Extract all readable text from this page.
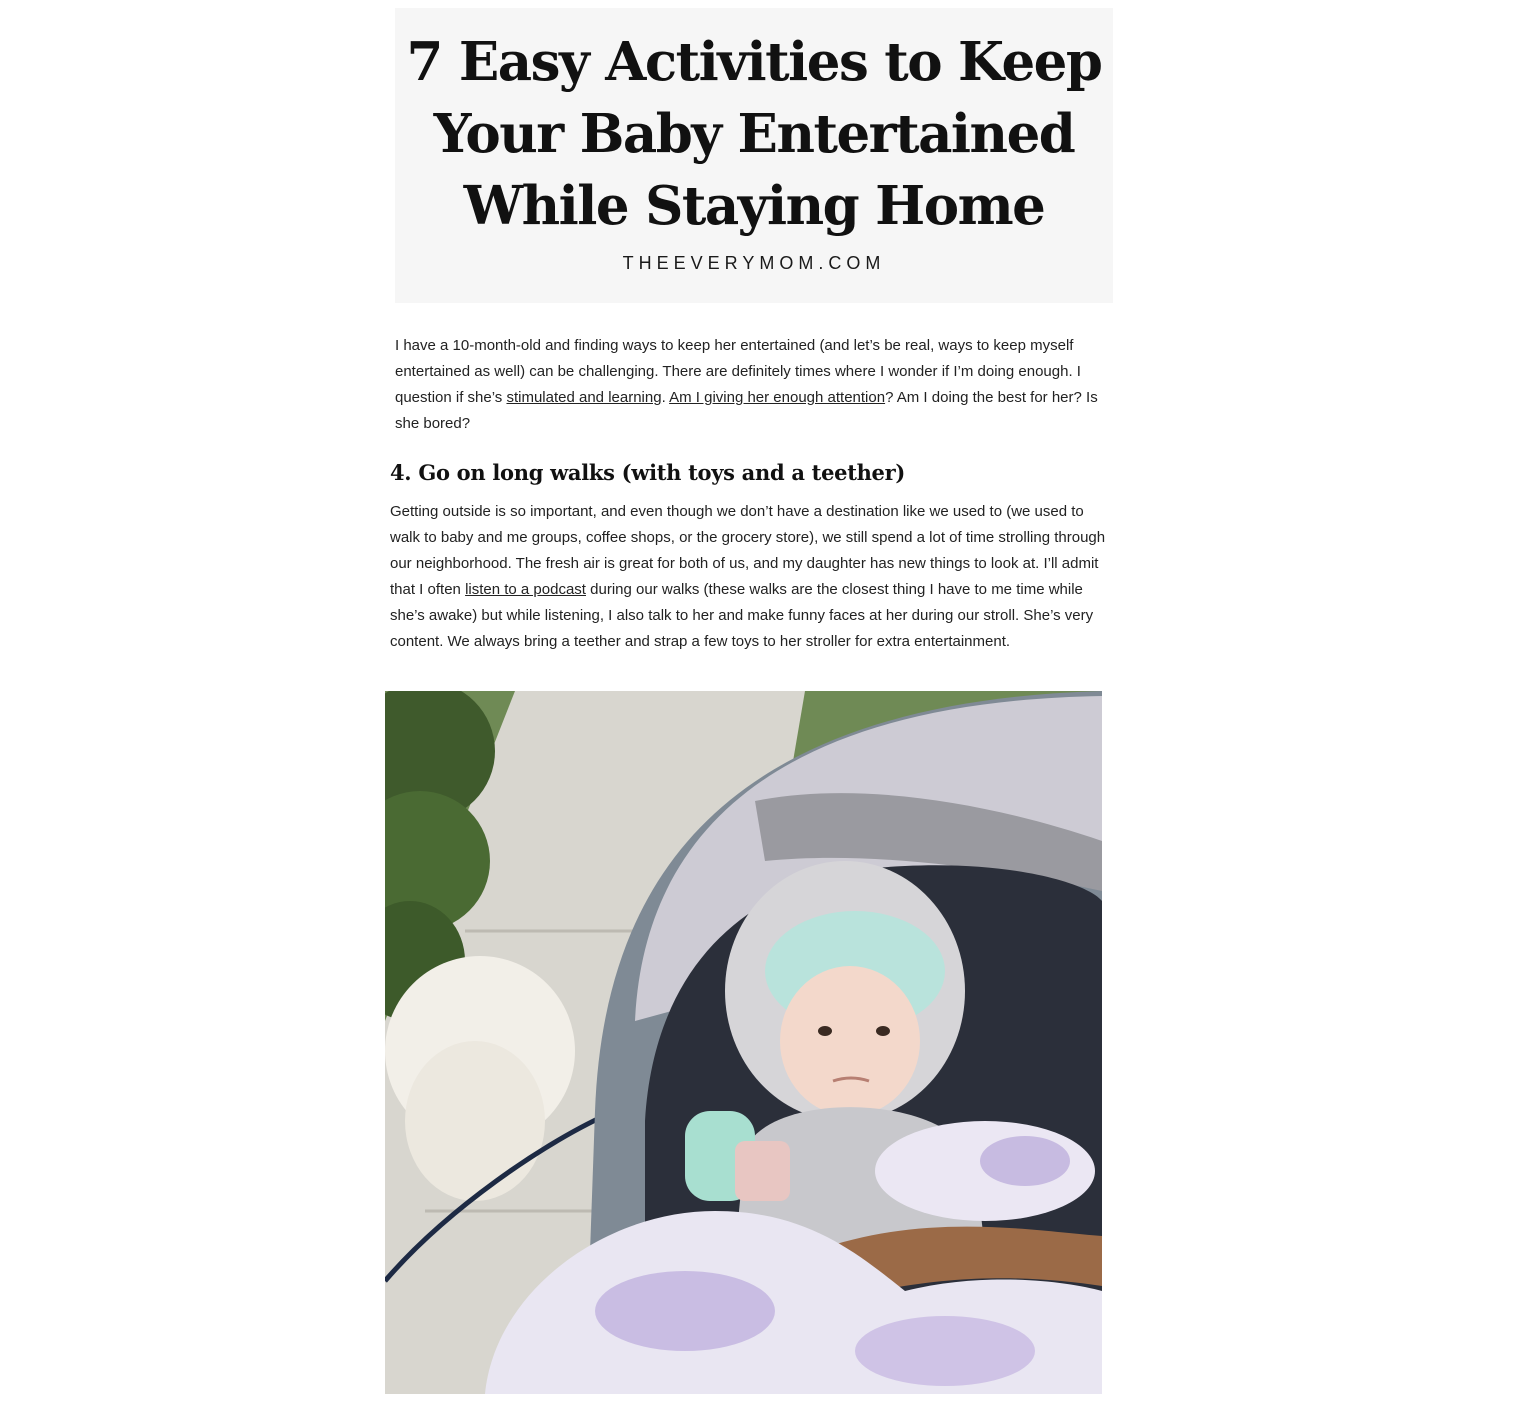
7 Easy Activities to Keep
Your Baby Entertained
While Staying Home
THEEVERYMOM.COM

I have a 10-month-old and finding ways to keep her entertained (and let’s be real, ways to keep myself entertained as well) can be challenging. There are definitely times where I wonder if I’m doing enough. I question if she’s stimulated and learning. Am I giving her enough attention? Am I doing the best for her? Is she bored?

4. Go on long walks (with toys and a teether)

Getting outside is so important, and even though we don’t have a destination like we used to (we used to walk to baby and me groups, coffee shops, or the grocery store), we still spend a lot of time strolling through our neighborhood. The fresh air is great for both of us, and my daughter has new things to look at. I’ll admit that I often listen to a podcast during our walks (these walks are the closest thing I have to me time while she’s awake) but while listening, I also talk to her and make funny faces at her during our stroll. She’s very content. We always bring a teether and strap a few toys to her stroller for extra entertainment.
